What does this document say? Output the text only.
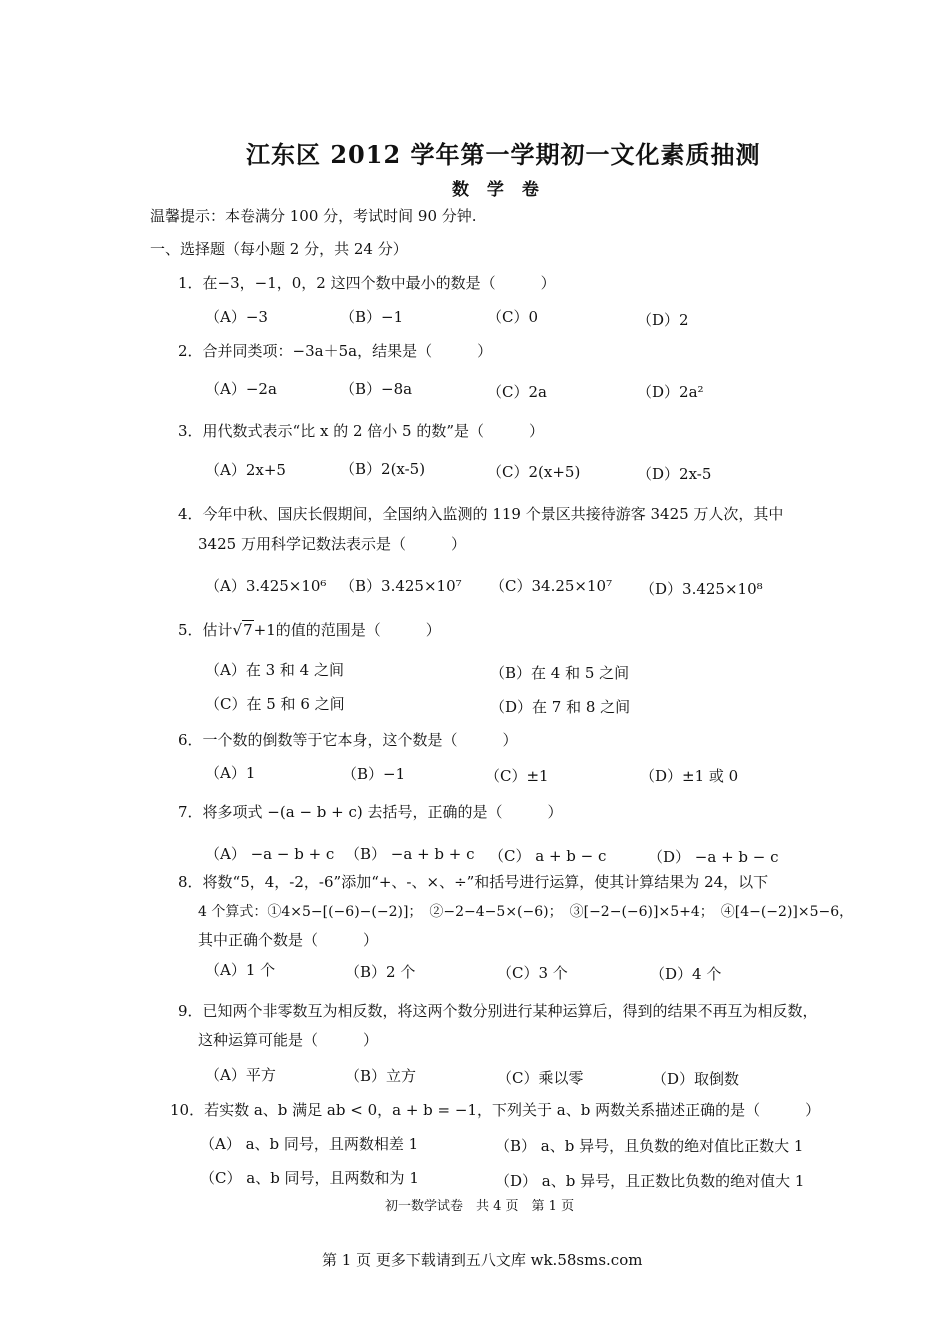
江东区 2012 学年第一学期初一文化素质抽测
数 学 卷
温馨提示：本卷满分 100 分，考试时间 90 分钟.
一、选择题（每小题 2 分，共 24 分）
1．在−3，−1，0，2 这四个数中最小的数是（　　　）
（A）−3	（B）−1	（C）0	（D）2
2．合并同类项：−3a＋5a，结果是（　　　）
（A）−2a	（B）−8a	（C）2a	（D）2a²
3．用代数式表示“比 x 的 2 倍小 5 的数”是（　　　）
（A）2x+5	（B）2(x-5)	（C）2(x+5)	（D）2x-5
4．今年中秋、国庆长假期间，全国纳入监测的 119 个景区共接待游客 3425 万人次，其中
3425 万用科学记数法表示是（　　　）
（A）3.425×10⁶ （B）3.425×10⁷ （C）34.25×10⁷ （D）3.425×10⁸
5．估计√7+1的值的范围是（　　　）
（A）在 3 和 4 之间	（B）在 4 和 5 之间
（C）在 5 和 6 之间	（D）在 7 和 8 之间
6．一个数的倒数等于它本身，这个数是（　　　）
（A）1	（B）−1	（C）±1	（D）±1 或 0
7．将多项式 −(a − b + c) 去括号，正确的是（　　　）
（A） −a − b + c （B） −a + b + c （C） a + b − c	（D） −a + b − c
8．将数“5，4，-2，-6”添加“+、-、×、÷”和括号进行运算，使其计算结果为 24，以下
4 个算式：①4×5−[(−6)−(−2)]；　②−2−4−5×(−6)；　③[−2−(−6)]×5+4；　④[4−(−2)]×5−6，
其中正确个数是（　　　）
（A）1 个	（B）2 个	（C）3 个	（D）4 个
9．已知两个非零数互为相反数，将这两个数分别进行某种运算后，得到的结果不再互为相反数，
这种运算可能是（　　　）
（A）平方	（B）立方	（C）乘以零	（D）取倒数
10．若实数 a、b 满足 ab < 0，a + b = −1，下列关于 a、b 两数关系描述正确的是（　　　）
（A） a、b 同号，且两数相差 1	（B） a、b 异号，且负数的绝对值比正数大 1
（C） a、b 同号，且两数和为 1	（D） a、b 异号，且正数比负数的绝对值大 1
初一数学试卷　共 4 页　第 1 页
第 1 页 更多下载请到五八文库 wk.58sms.com
